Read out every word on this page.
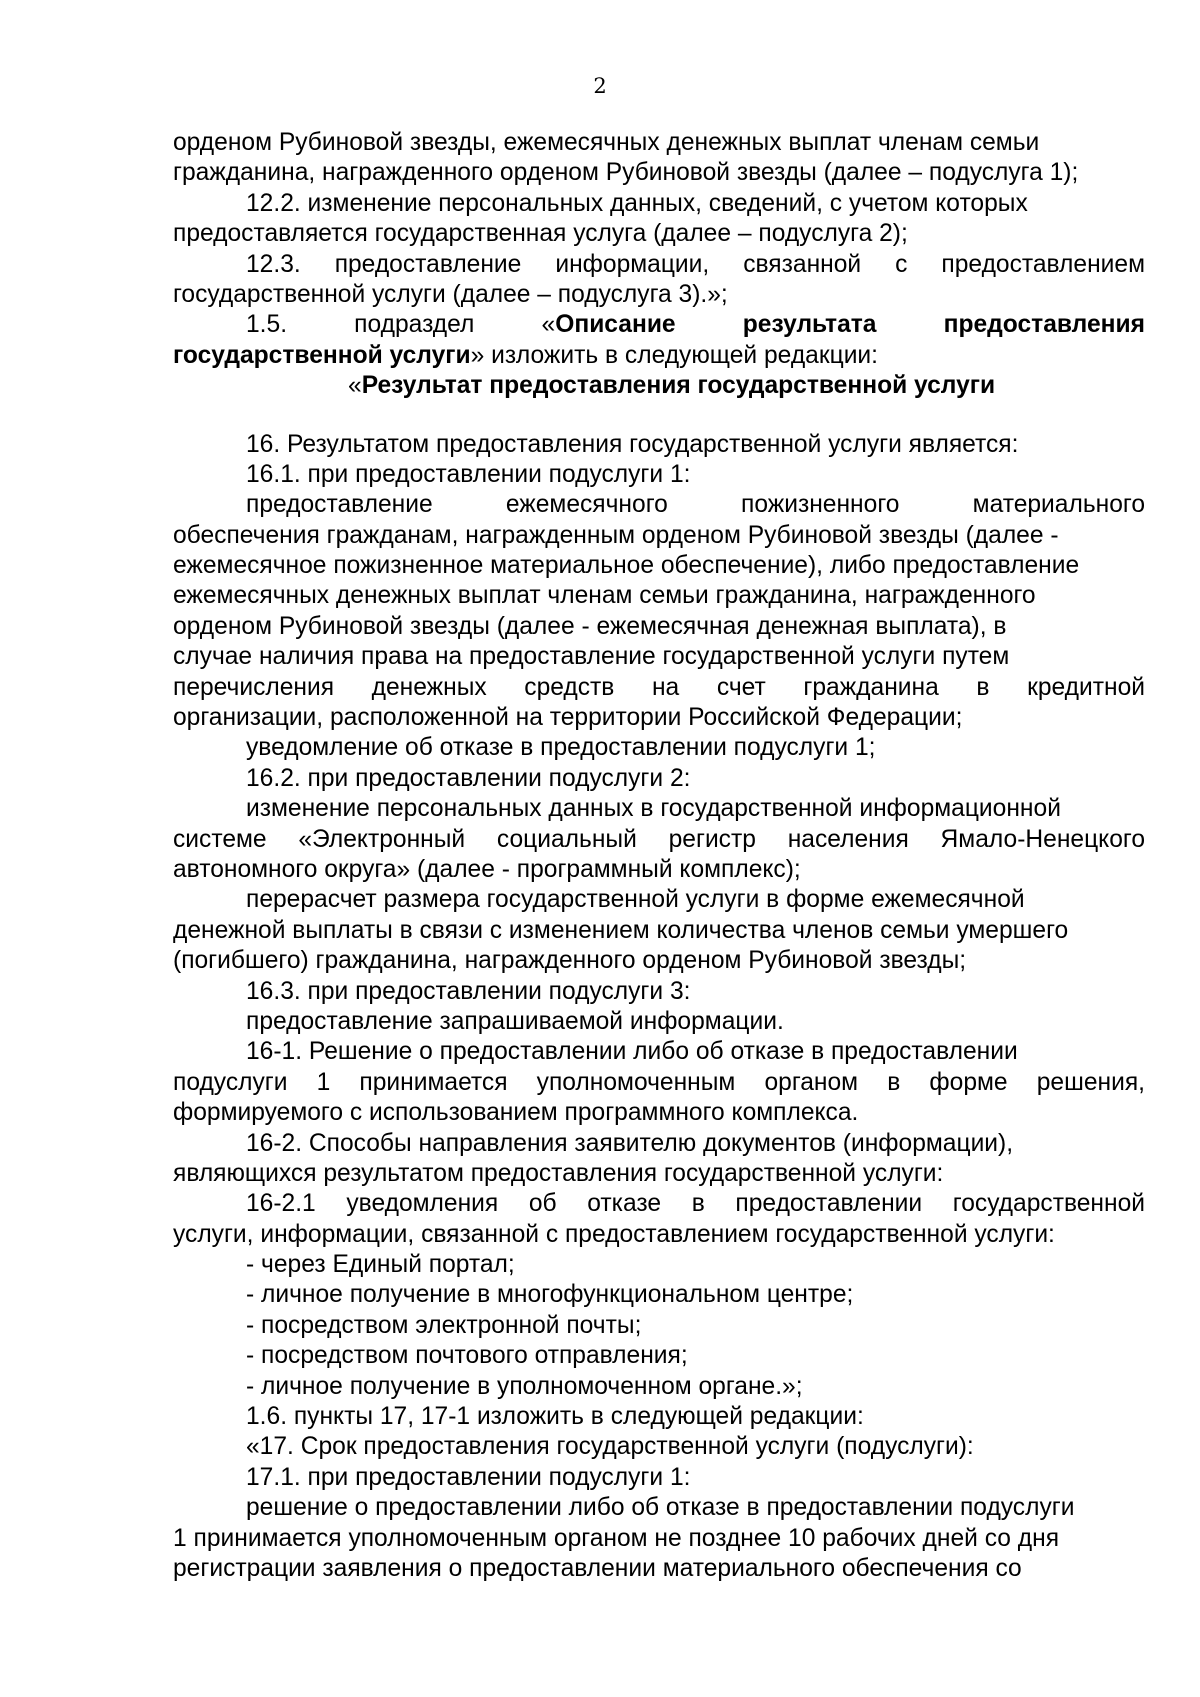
2
орденом Рубиновой звезды, ежемесячных денежных выплат членам семьи
гражданина, награжденного орденом Рубиновой звезды (далее – подуслуга 1);
12.2. изменение персональных данных, сведений, с учетом которых
предоставляется государственная услуга (далее – подуслуга 2);
12.3. предоставление информации, связанной с предоставлением
государственной услуги (далее – подуслуга 3).»;
1.5. подраздел «Описание результата предоставления
государственной услуги» изложить в следующей редакции:
«Результат предоставления государственной услуги
16. Результатом предоставления государственной услуги является:
16.1. при предоставлении подуслуги 1:
предоставление ежемесячного пожизненного материального
обеспечения гражданам, награжденным орденом Рубиновой звезды (далее -
ежемесячное пожизненное материальное обеспечение), либо предоставление
ежемесячных денежных выплат членам семьи гражданина, награжденного
орденом Рубиновой звезды (далее - ежемесячная денежная выплата), в
случае наличия права на предоставление государственной услуги путем
перечисления денежных средств на счет гражданина в кредитной
организации, расположенной на территории Российской Федерации;
уведомление об отказе в предоставлении подуслуги 1;
16.2. при предоставлении подуслуги 2:
изменение персональных данных в государственной информационной
системе «Электронный социальный регистр населения Ямало-Ненецкого
автономного округа» (далее - программный комплекс);
перерасчет размера государственной услуги в форме ежемесячной
денежной выплаты в связи с изменением количества членов семьи умершего
(погибшего) гражданина, награжденного орденом Рубиновой звезды;
16.3. при предоставлении подуслуги 3:
предоставление запрашиваемой информации.
16-1. Решение о предоставлении либо об отказе в предоставлении
подуслуги 1 принимается уполномоченным органом в форме решения,
формируемого с использованием программного комплекса.
16-2. Способы направления заявителю документов (информации),
являющихся результатом предоставления государственной услуги:
16-2.1 уведомления об отказе в предоставлении государственной
услуги, информации, связанной с предоставлением государственной услуги:
- через Единый портал;
- личное получение в многофункциональном центре;
- посредством электронной почты;
- посредством почтового отправления;
- личное получение в уполномоченном органе.»;
1.6. пункты 17, 17-1 изложить в следующей редакции:
«17. Срок предоставления государственной услуги (подуслуги):
17.1. при предоставлении подуслуги 1:
решение о предоставлении либо об отказе в предоставлении подуслуги
1 принимается уполномоченным органом не позднее 10 рабочих дней со дня
регистрации заявления о предоставлении материального обеспечения со
